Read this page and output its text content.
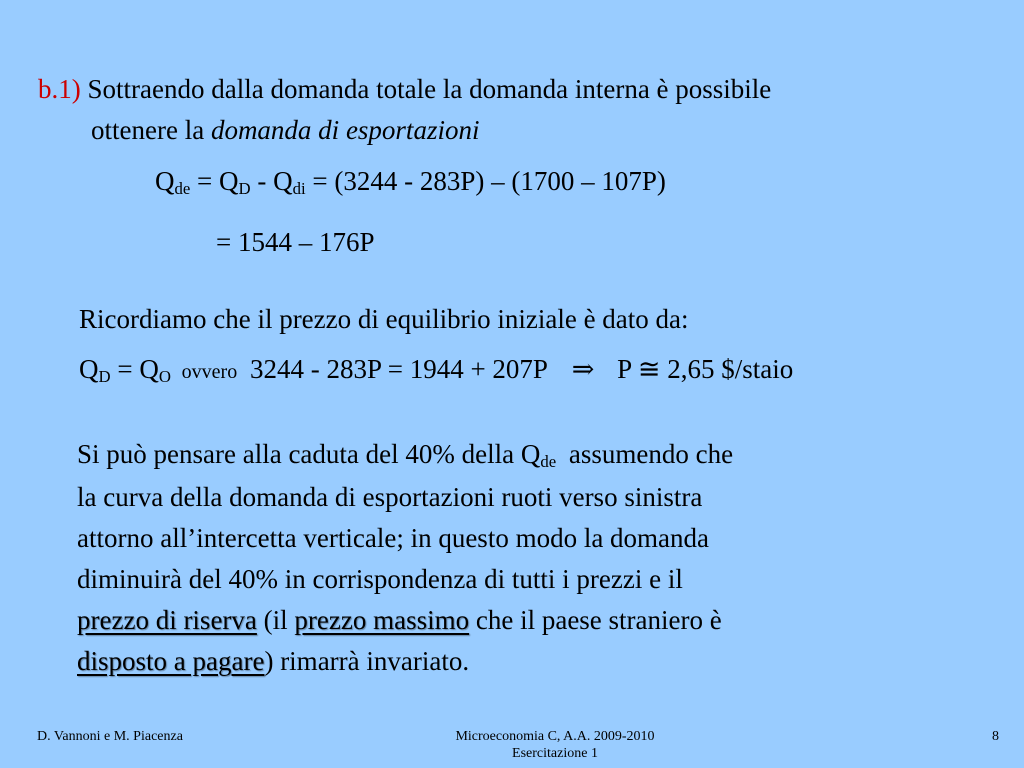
b.1) Sottraendo dalla domanda totale la domanda interna è possibile
ottenere la domanda di esportazioni
$Q_{de} = Q_D - Q_{di} = (3244 - 283P) - (1700 - 107P)$
= 1544 – 176P
Ricordiamo che il prezzo di equilibrio iniziale è dato da:
$Q_D = Q_O$ ovvero 3244 - 283P = 1944 + 207P ⇒ P ≅ 2,65 $/staio
Si può pensare alla caduta del 40% della $Q_{de}$ assumendo che
la curva della domanda di esportazioni ruoti verso sinistra
attorno all’intercetta verticale; in questo modo la domanda
diminuirà del 40% in corrispondenza di tutti i prezzi e il
prezzo di riserva (il prezzo massimo che il paese straniero è
disposto a pagare) rimarrà invariato.
D. Vannoni e M. Piacenza	Microeconomia C, A.A. 2009-2010
Esercitazione 1
8
